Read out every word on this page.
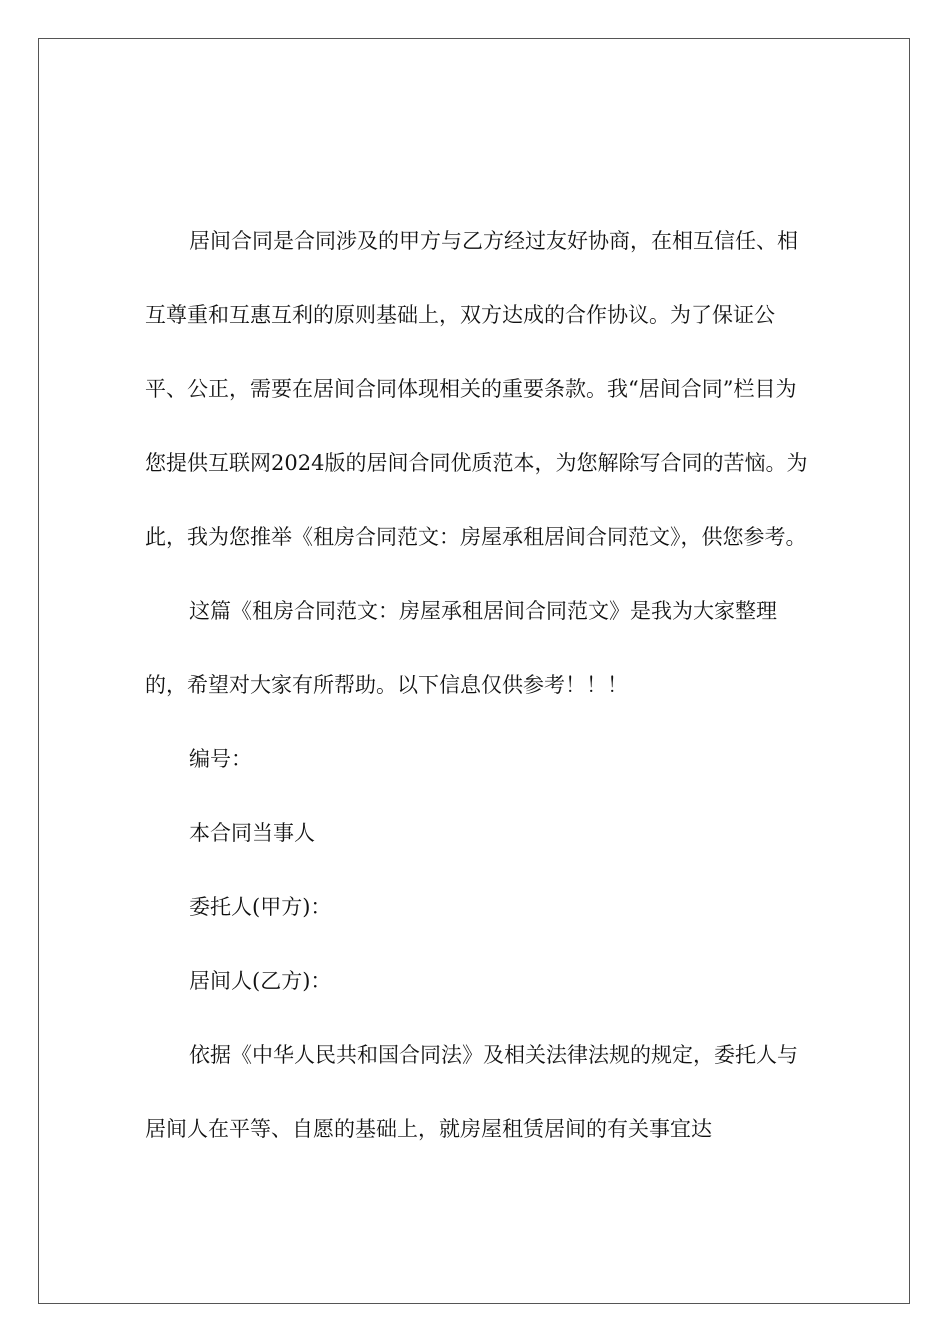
居间合同是合同涉及的甲方与乙方经过友好协商，在相互信任、相互尊重和互惠互利的原则基础上，双方达成的合作协议。为了保证公平、公正，需要在居间合同体现相关的重要条款。我“居间合同”栏目为您提供互联网2024版的居间合同优质范本，为您解除写合同的苦恼。为此，我为您推举《租房合同范文：房屋承租居间合同范文》，供您参考。

这篇《租房合同范文：房屋承租居间合同范文》是我为大家整理的，希望对大家有所帮助。以下信息仅供参考！！！

编号：

本合同当事人

委托人(甲方)：

居间人(乙方)：

依据《中华人民共和国合同法》及相关法律法规的规定，委托人与居间人在平等、自愿的基础上，就房屋租赁居间的有关事宜达
